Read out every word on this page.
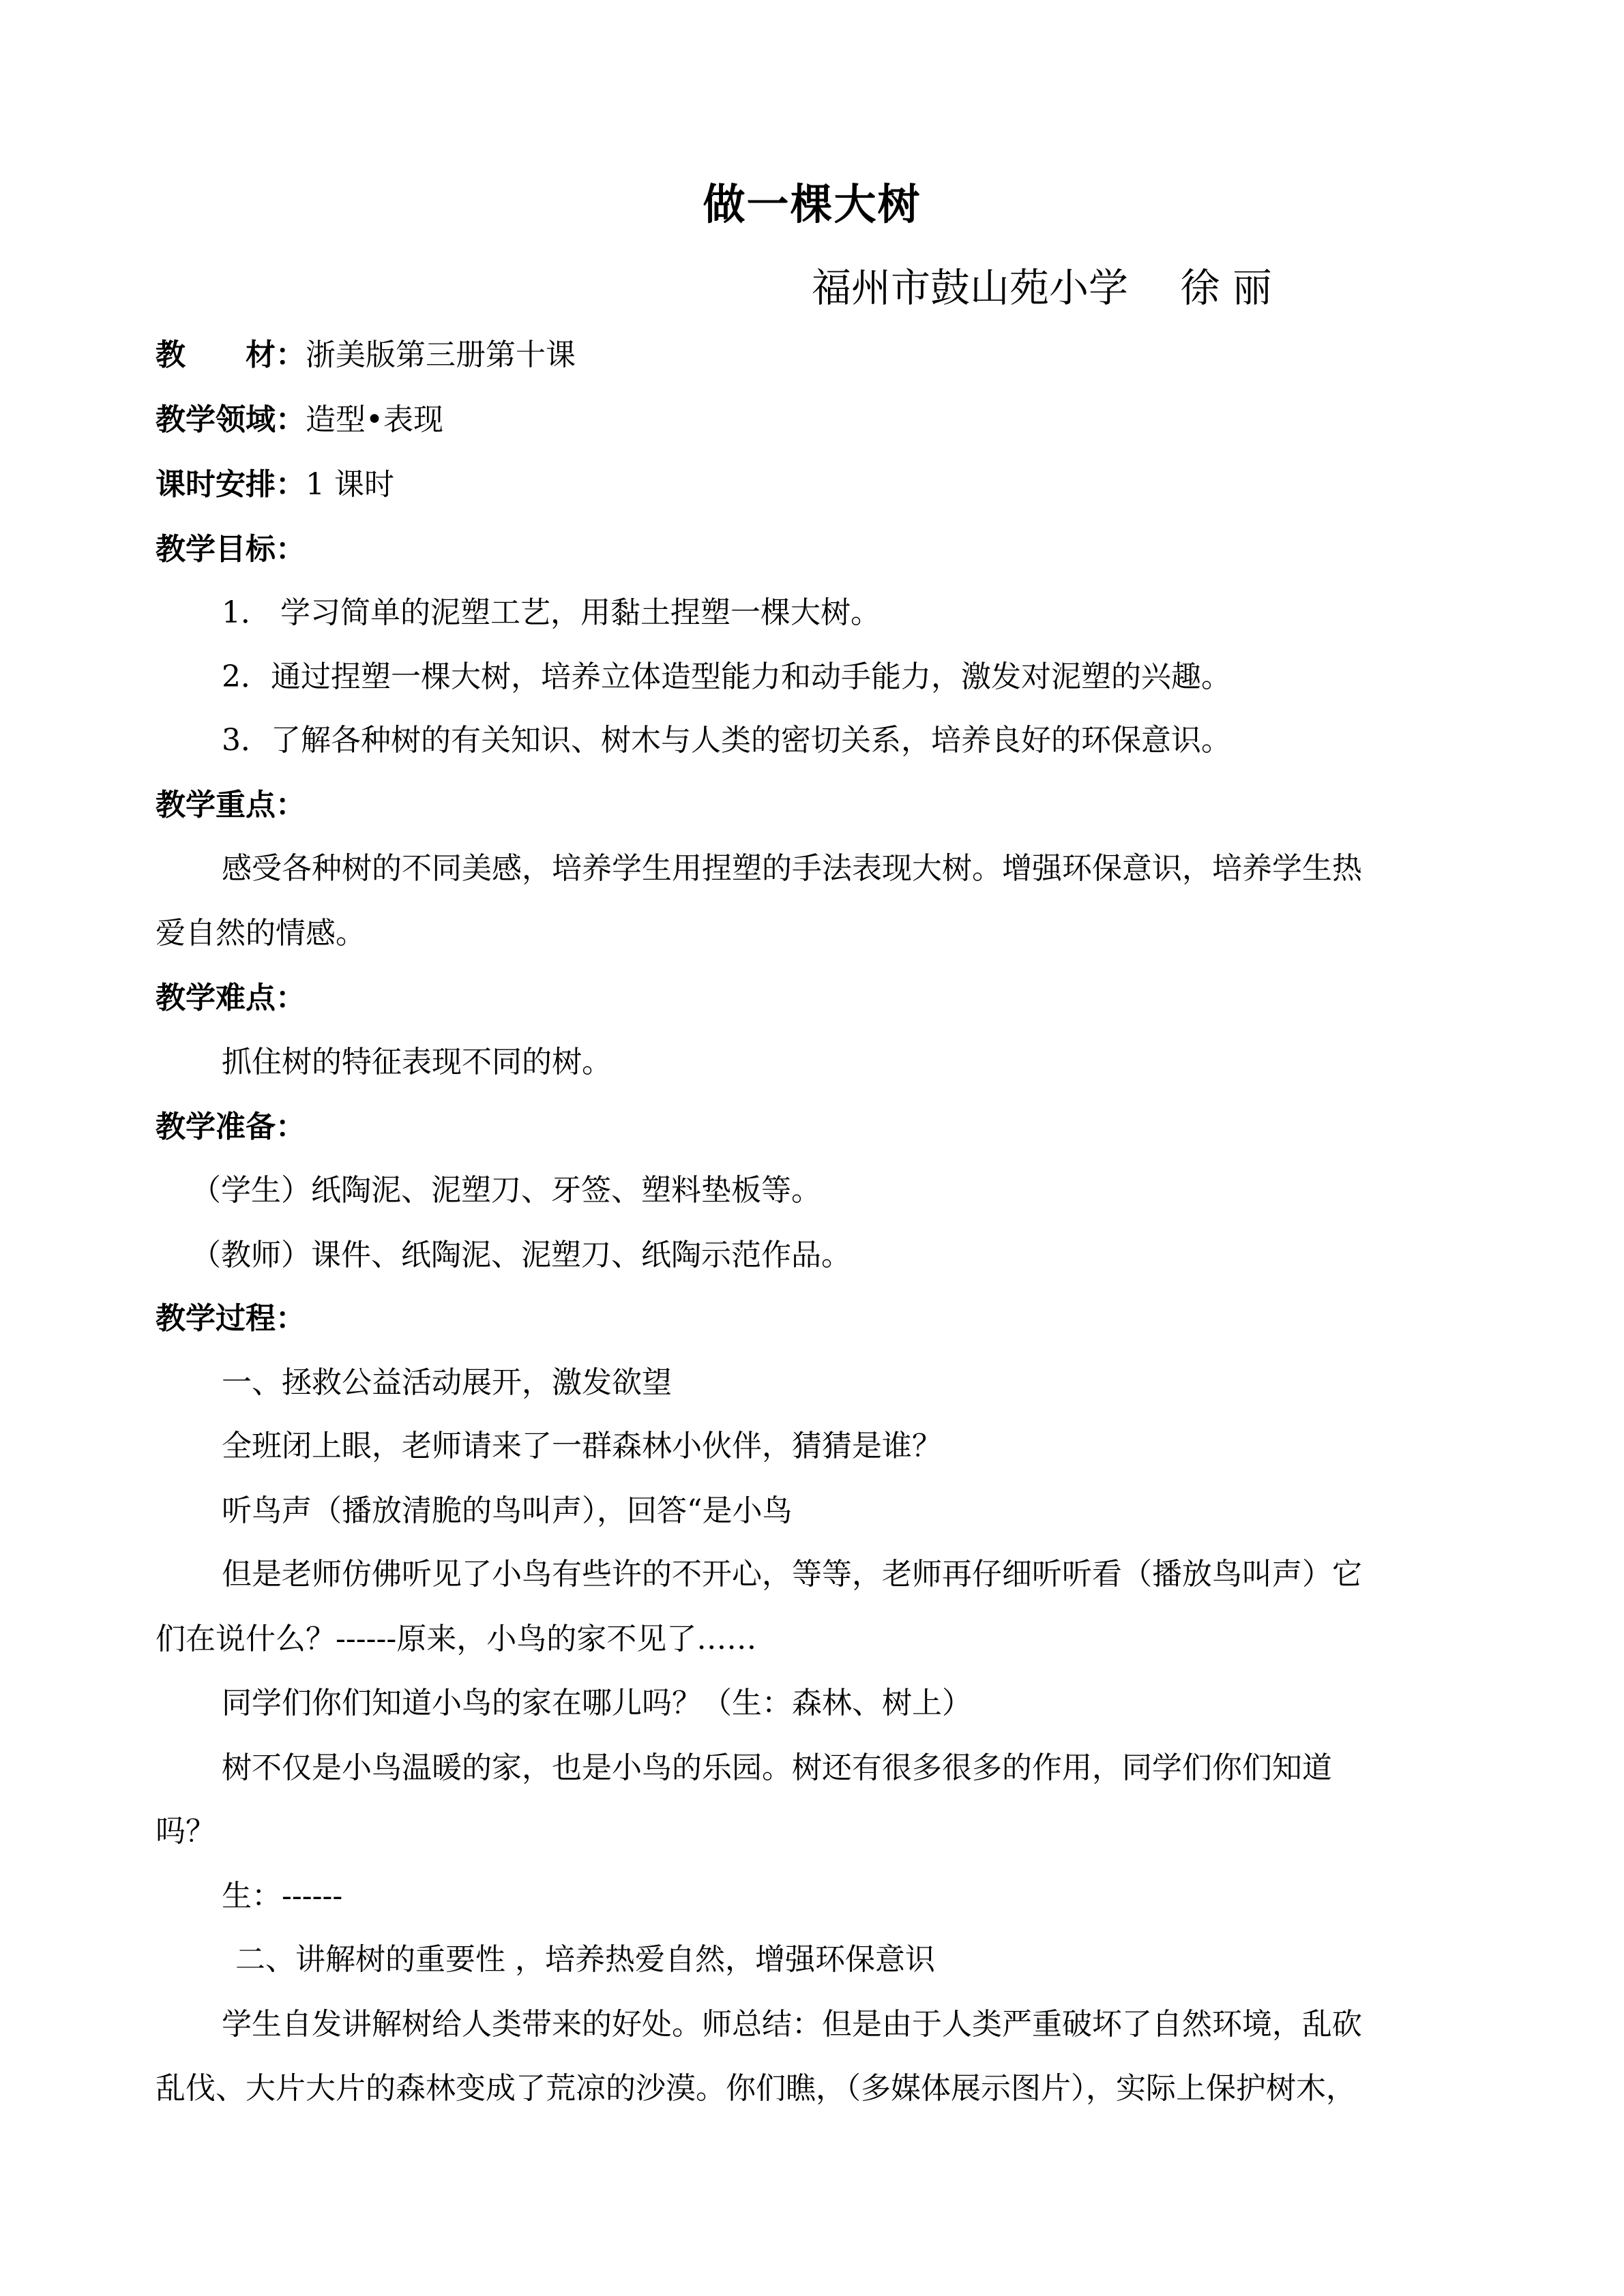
做一棵大树
福州市鼓山苑小学　 徐 丽
教　　材：浙美版第三册第十课
教学领域：造型•表现
课时安排：1 课时
教学目标：
1． 学习简单的泥塑工艺，用黏土捏塑一棵大树。
2．通过捏塑一棵大树，培养立体造型能力和动手能力，激发对泥塑的兴趣。
3．了解各种树的有关知识、树木与人类的密切关系，培养良好的环保意识。
教学重点：
感受各种树的不同美感，培养学生用捏塑的手法表现大树。增强环保意识，培养学生热
爱自然的情感。
教学难点：
抓住树的特征表现不同的树。
教学准备：
（学生）纸陶泥、泥塑刀、牙签、塑料垫板等。
（教师）课件、纸陶泥、泥塑刀、纸陶示范作品。
教学过程：
一、拯救公益活动展开，激发欲望
全班闭上眼，老师请来了一群森林小伙伴，猜猜是谁？
听鸟声（播放清脆的鸟叫声），回答“是小鸟
但是老师仿佛听见了小鸟有些许的不开心，等等，老师再仔细听听看（播放鸟叫声）它
们在说什么？------原来，小鸟的家不见了……
同学们你们知道小鸟的家在哪儿吗？（生：森林、树上）
树不仅是小鸟温暖的家，也是小鸟的乐园。树还有很多很多的作用，同学们你们知道
吗？
生：------
二、讲解树的重要性 ，培养热爱自然，增强环保意识
学生自发讲解树给人类带来的好处。师总结：但是由于人类严重破坏了自然环境，乱砍
乱伐、大片大片的森林变成了荒凉的沙漠。你们瞧，（多媒体展示图片），实际上保护树木，
